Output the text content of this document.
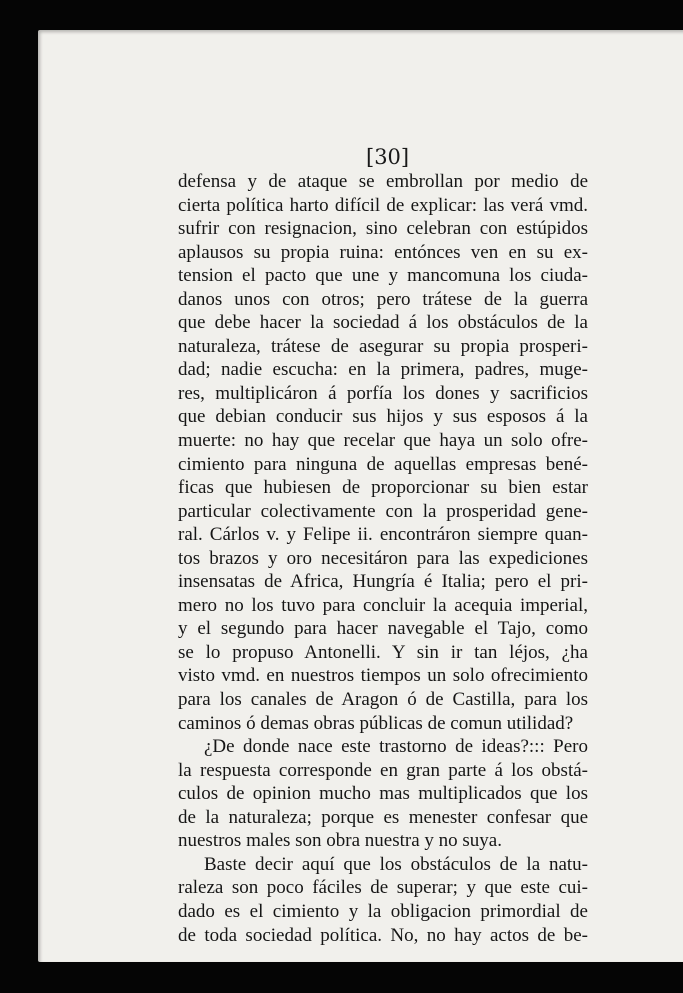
[30]
defensa y de ataque se embrollan por medio de
cierta política harto difícil de explicar: las verá vmd.
sufrir con resignacion, sino celebran con estúpidos
aplausos su propia ruina: entónces ven en su ex-
tension el pacto que une y mancomuna los ciuda-
danos unos con otros; pero trátese de la guerra
que debe hacer la sociedad á los obstáculos de la
naturaleza, trátese de asegurar su propia prosperi-
dad; nadie escucha: en la primera, padres, muge-
res, multiplicáron á porfía los dones y sacrificios
que debian conducir sus hijos y sus esposos á la
muerte: no hay que recelar que haya un solo ofre-
cimiento para ninguna de aquellas empresas bené-
ficas que hubiesen de proporcionar su bien estar
particular colectivamente con la prosperidad gene-
ral. Cárlos v. y Felipe ii. encontráron siempre quan-
tos brazos y oro necesitáron para las expediciones
insensatas de Africa, Hungría é Italia; pero el pri-
mero no los tuvo para concluir la acequia imperial,
y el segundo para hacer navegable el Tajo, como
se lo propuso Antonelli. Y sin ir tan léjos, ¿ha
visto vmd. en nuestros tiempos un solo ofrecimiento
para los canales de Aragon ó de Castilla, para los
caminos ó demas obras públicas de comun utilidad?
¿De donde nace este trastorno de ideas?::: Pero
la respuesta corresponde en gran parte á los obstá-
culos de opinion mucho mas multiplicados que los
de la naturaleza; porque es menester confesar que
nuestros males son obra nuestra y no suya.
Baste decir aquí que los obstáculos de la natu-
raleza son poco fáciles de superar; y que este cui-
dado es el cimiento y la obligacion primordial de
de toda sociedad política. No, no hay actos de be-
